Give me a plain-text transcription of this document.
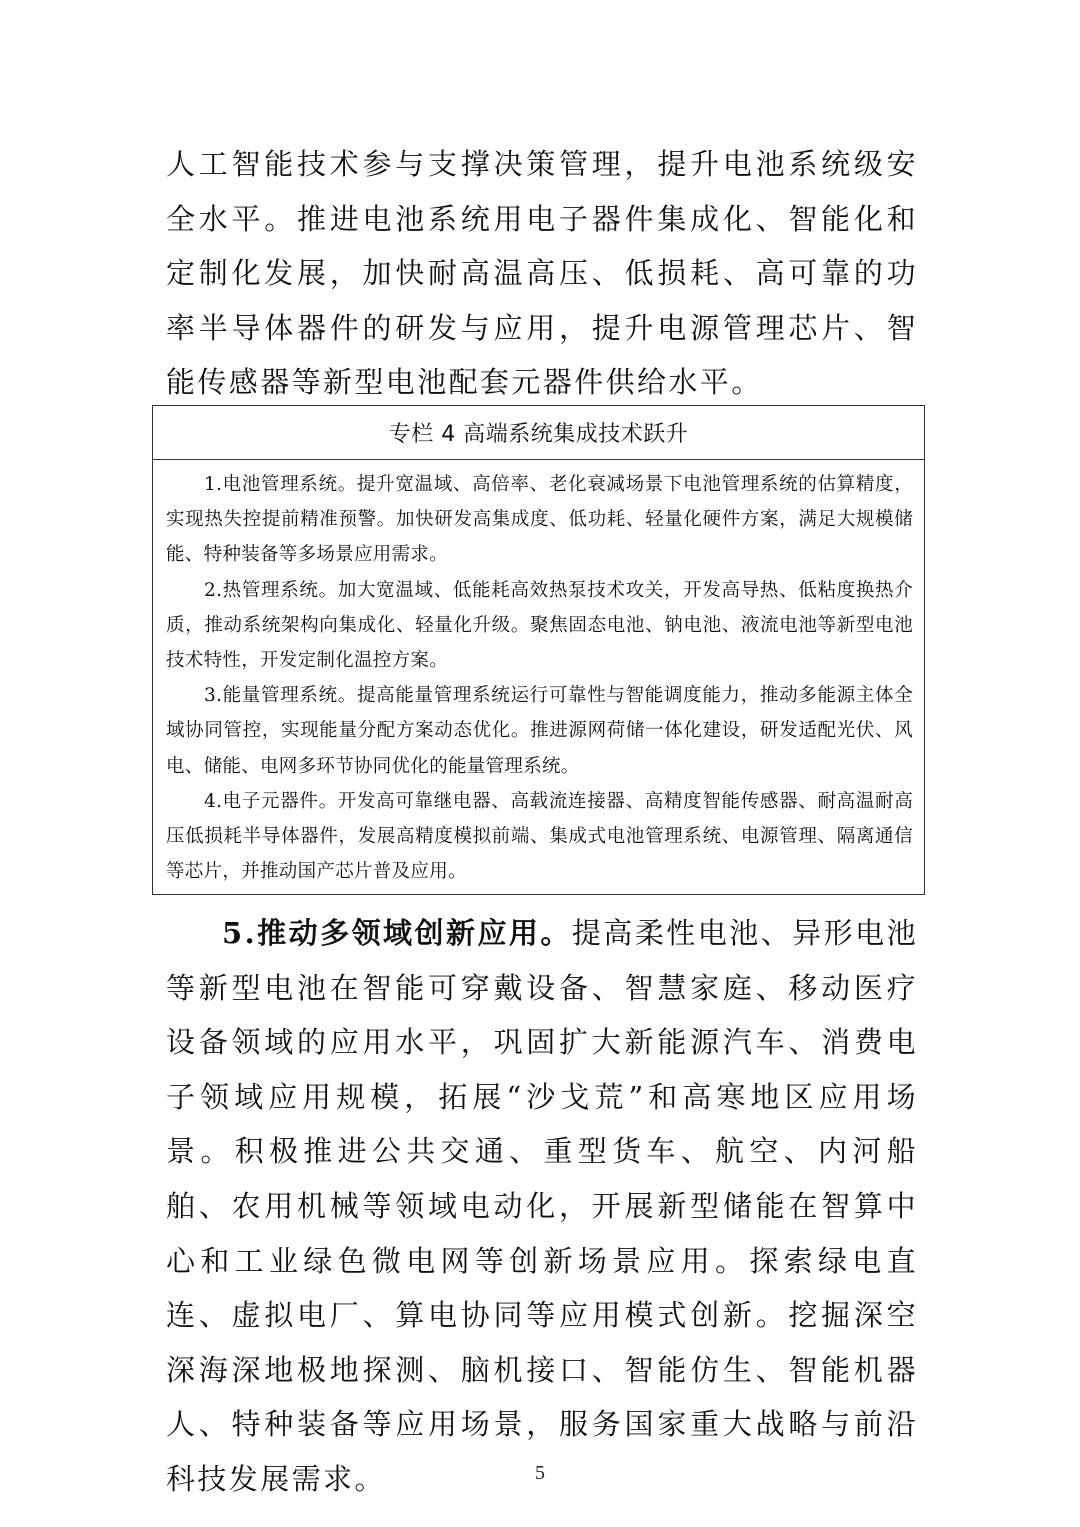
人工智能技术参与支撑决策管理，提升电池系统级安全水平。推进电池系统用电子器件集成化、智能化和定制化发展，加快耐高温高压、低损耗、高可靠的功率半导体器件的研发与应用，提升电源管理芯片、智能传感器等新型电池配套元器件供给水平。

专栏 4 高端系统集成技术跃升

1.电池管理系统。提升宽温域、高倍率、老化衰减场景下电池管理系统的估算精度，实现热失控提前精准预警。加快研发高集成度、低功耗、轻量化硬件方案，满足大规模储能、特种装备等多场景应用需求。

2.热管理系统。加大宽温域、低能耗高效热泵技术攻关，开发高导热、低粘度换热介质，推动系统架构向集成化、轻量化升级。聚焦固态电池、钠电池、液流电池等新型电池技术特性，开发定制化温控方案。

3.能量管理系统。提高能量管理系统运行可靠性与智能调度能力，推动多能源主体全域协同管控，实现能量分配方案动态优化。推进源网荷储一体化建设，研发适配光伏、风电、储能、电网多环节协同优化的能量管理系统。

4.电子元器件。开发高可靠继电器、高载流连接器、高精度智能传感器、耐高温耐高压低损耗半导体器件，发展高精度模拟前端、集成式电池管理系统、电源管理、隔离通信等芯片，并推动国产芯片普及应用。

5.推动多领域创新应用。提高柔性电池、异形电池等新型电池在智能可穿戴设备、智慧家庭、移动医疗设备领域的应用水平，巩固扩大新能源汽车、消费电子领域应用规模，拓展“沙戈荒”和高寒地区应用场景。积极推进公共交通、重型货车、航空、内河船舶、农用机械等领域电动化，开展新型储能在智算中心和工业绿色微电网等创新场景应用。探索绿电直连、虚拟电厂、算电协同等应用模式创新。挖掘深空深海深地极地探测、脑机接口、智能仿生、智能机器人、特种装备等应用场景，服务国家重大战略与前沿科技发展需求。	5
